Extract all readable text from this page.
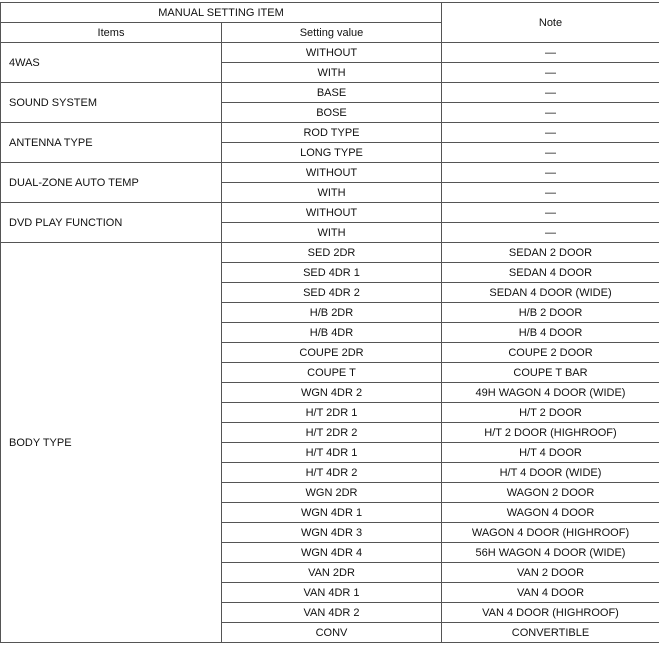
MANUAL SETTING ITEM		Note
Items	Setting value	
4WAS	WITHOUT	—
	WITH	—
SOUND SYSTEM	BASE	—
	BOSE	—
ANTENNA TYPE	ROD TYPE	—
	LONG TYPE	—
DUAL-ZONE AUTO TEMP	WITHOUT	—
	WITH	—
DVD PLAY FUNCTION	WITHOUT	—
	WITH	—
BODY TYPE	SED 2DR	SEDAN 2 DOOR
	SED 4DR 1	SEDAN 4 DOOR
	SED 4DR 2	SEDAN 4 DOOR (WIDE)
	H/B 2DR	H/B 2 DOOR
	H/B 4DR	H/B 4 DOOR
	COUPE 2DR	COUPE 2 DOOR
	COUPE T	COUPE T BAR
	WGN 4DR 2	49H WAGON 4 DOOR (WIDE)
	H/T 2DR 1	H/T 2 DOOR
	H/T 2DR 2	H/T 2 DOOR (HIGHROOF)
	H/T 4DR 1	H/T 4 DOOR
	H/T 4DR 2	H/T 4 DOOR (WIDE)
	WGN 2DR	WAGON 2 DOOR
	WGN 4DR 1	WAGON 4 DOOR
	WGN 4DR 3	WAGON 4 DOOR (HIGHROOF)
	WGN 4DR 4	56H WAGON 4 DOOR (WIDE)
	VAN 2DR	VAN 2 DOOR
	VAN 4DR 1	VAN 4 DOOR
	VAN 4DR 2	VAN 4 DOOR (HIGHROOF)
	CONV	CONVERTIBLE
